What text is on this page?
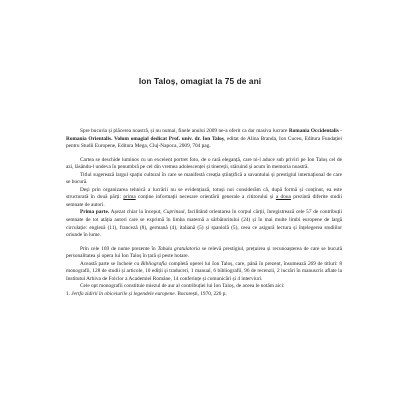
Ion Taloș, omagiat la 75 de ani

Spre bucuria și plăcerea noastră, și nu numai, finele anului 2009 ne-a oferit ca dar masiva lucrare Romania Occidentalis - Romania Orientalis. Volum omagial dedicat Prof. univ. dr. Ion Taloș, editat de Alina Branda, Ion Cuceu, Editura Fundației pentru Studii Europene, Editura Mega, Cluj-Napoca, 2009, 704 pag.

Cartea se deschide luminos cu un excelent portret foto, de o rară eleganță, care ni-l aduce sub priviri pe Ion Taloș cel de azi, lăsându-l undeva în penumbră pe cel din vremea adolescenței și tinereții, stăruind și acum în memoria noastră.

Titlul sugerează largul spațiu cultural în care se manifestă creația științifică a savantului și prestigiul internațional de care se bucură.

Deși prin organizarea tehnică a lucrării nu se evidențiază, totuși noi considerăm că, după formă și conținut, ea este structurată în două părți: prima conține informații necesare orientării generale a cititorului și a doua prezintă diferite studii semnate de autori.

Prima parte. Așezat chiar la început, Cuprinsul, facilitând orientarea în corpul cărții, înregistrează cele 57 de contribuții semnate de tot atâția autori care se exprimă în limba maternă a sărbătoritului (24) și în mai multe limbi europene de largă circulație: engleză (11), franceză (8), germană (4), italiană (5) și spaniolă (5), ceea ce asigură lectura și înțelegerea studiilor oriunde în lume.

Prin cele 169 de nume prezente în Tabula gratulatoria se relevă prestigiul, prețuirea și recunoașterea de care se bucură personalitatea și opera lui Ion Taloș în țară și peste hotare.

Această parte se încheie cu Bibliografia completă operei lui Ion Taloș, care, până în prezent, însumează 269 de titluri: 8 monografii, 128 de studii și articole, 10 ediții și traduceri, 1 manual, 6 bibliografii, 96 de recenzii, 2 lucrări în manuscris aflate la Institutul Arhiva de Folclor a Academiei Române, 14 conferințe și comunicări și 4 interviuri.

Cele opt monografii constituie miezul de aur al contribuției lui Ion Taloș, de aceea le notăm aici:

1. Jertfa zidirii în obiceiurile și legendele europene. București, 1970, 226 p.
